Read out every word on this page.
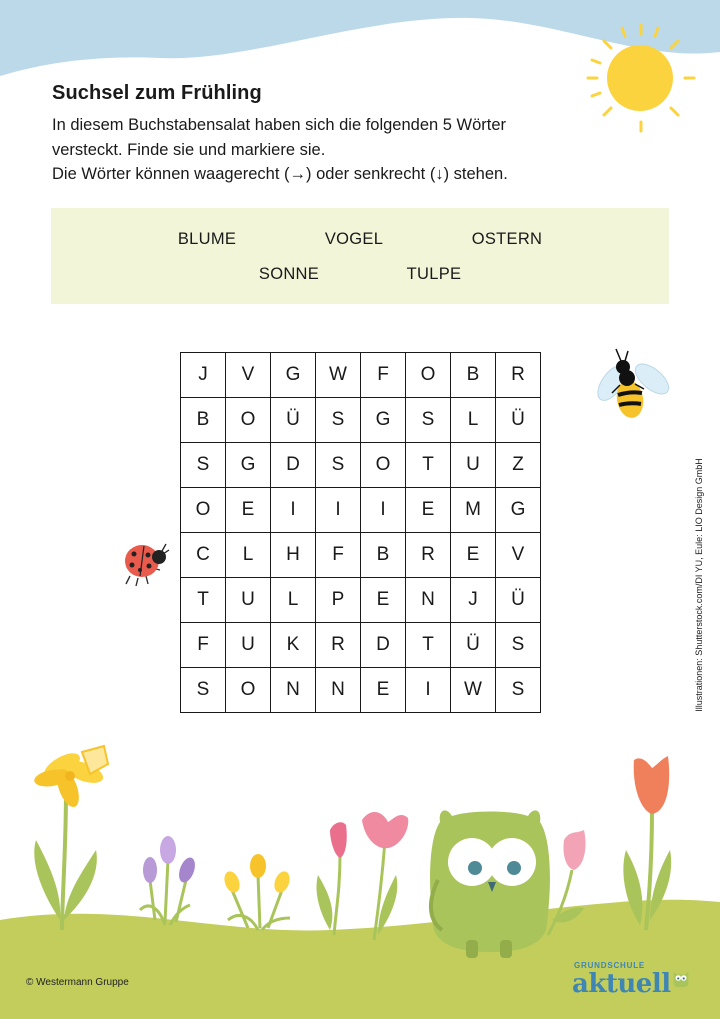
Suchsel zum Frühling

In diesem Buchstabensalat haben sich die folgenden 5 Wörter

versteckt. Finde sie und markiere sie.

Die Wörter können waagerecht (→) oder senkrecht (↓) stehen.

BLUME	VOGEL	OSTERN
SONNE	TULPE
J	V	G	W	F	O	B	R
B	O	Ü	S	G	S	L	Ü
S	G	D	S	O	T	U	Z
O	E	I	I	I	E	M	G
C	L	H	F	B	R	E	V
T	U	L	P	E	N	J	Ü
F	U	K	R	D	T	Ü	S
S	O	N	N	E	I	W	S	Illustrationen: Shutterstock.com/DI YU, Eule: LIO Design GmbH
© Westermann Gruppe
GRUNDSCHULE
aktuell
